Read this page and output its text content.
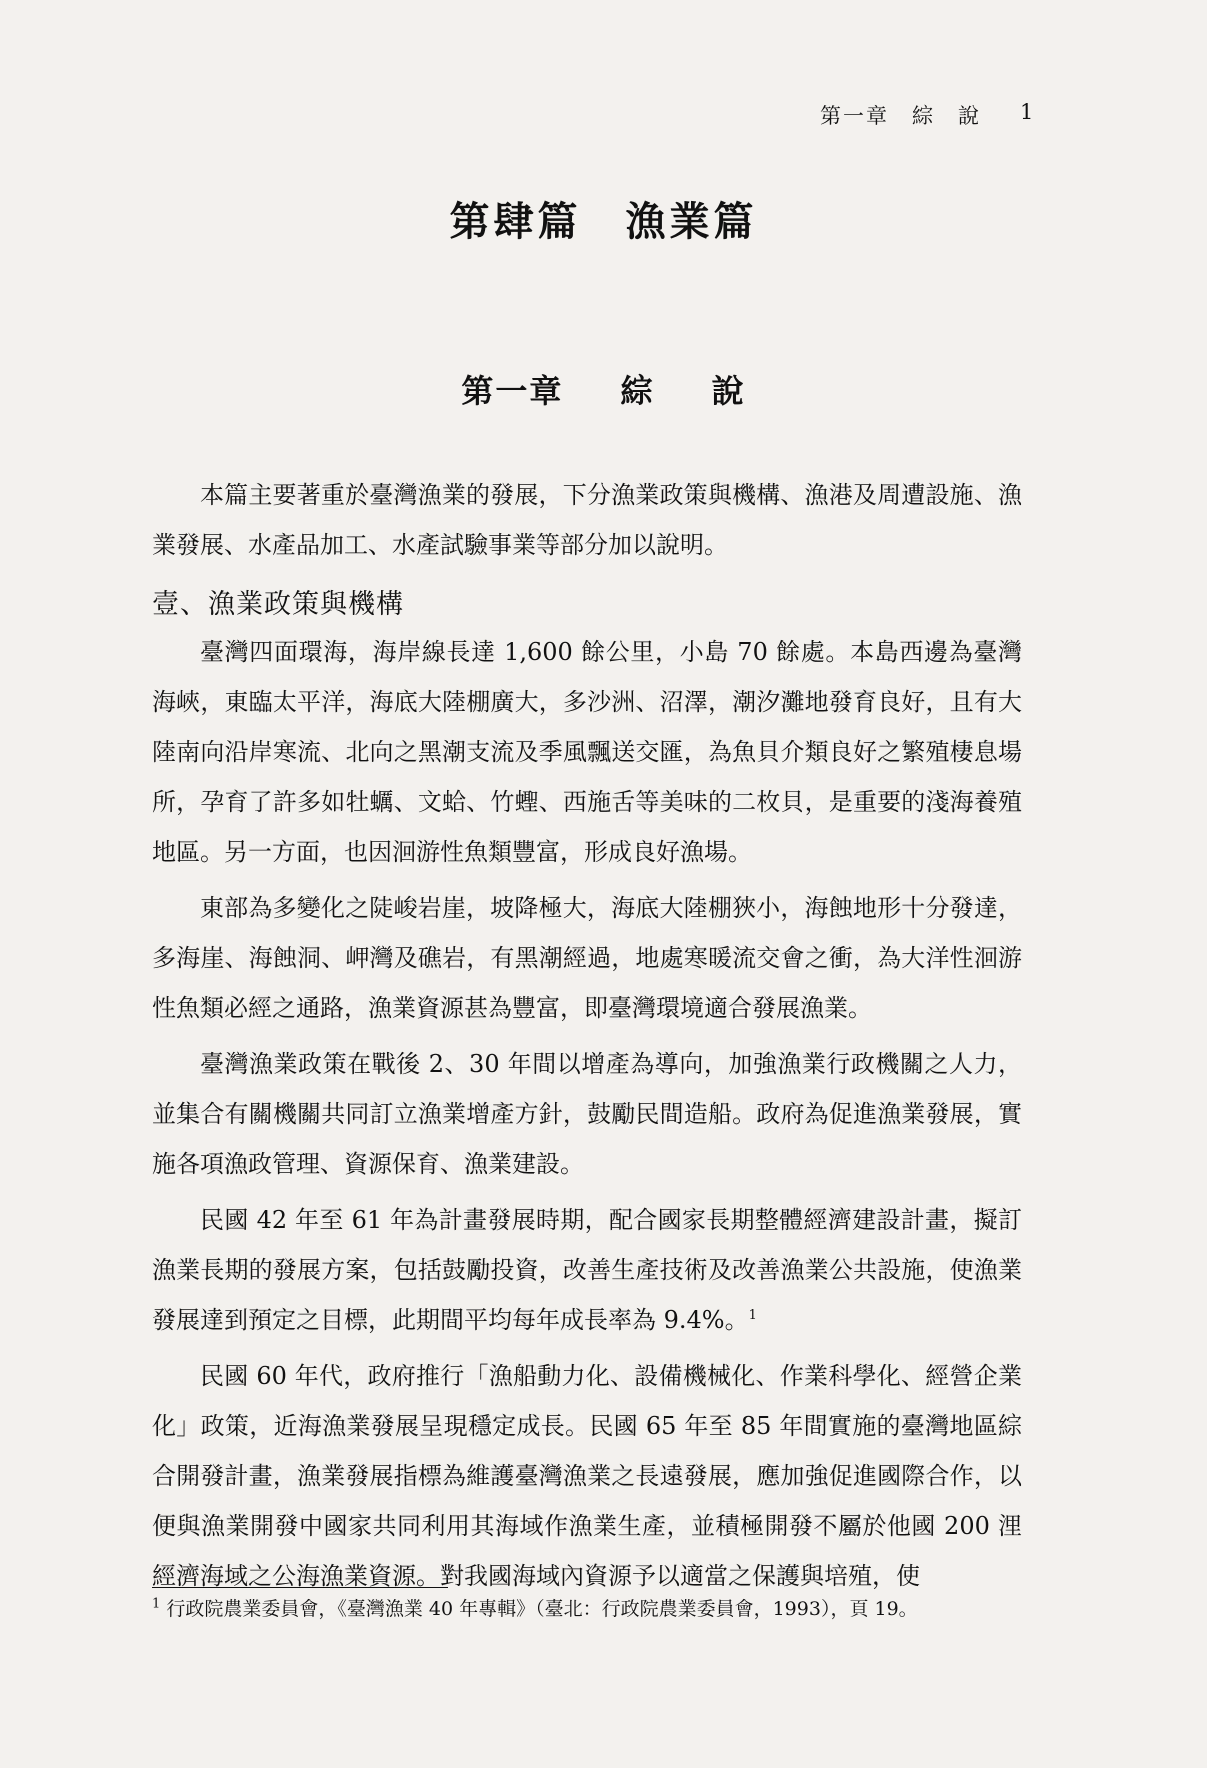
第一章　綜　說 1
第肆篇　漁業篇
第一章 綜 說

本篇主要著重於臺灣漁業的發展，下分漁業政策與機構、漁港及周遭設施、漁業發展、水產品加工、水產試驗事業等部分加以說明。

壹、漁業政策與機構

臺灣四面環海，海岸線長達 1,600 餘公里，小島 70 餘處。本島西邊為臺灣海峽，東臨太平洋，海底大陸棚廣大，多沙洲、沼澤，潮汐灘地發育良好，且有大陸南向沿岸寒流、北向之黑潮支流及季風飄送交匯，為魚貝介類良好之繁殖棲息場所，孕育了許多如牡蠣、文蛤、竹蟶、西施舌等美味的二枚貝，是重要的淺海養殖地區。另一方面，也因洄游性魚類豐富，形成良好漁場。

東部為多變化之陡峻岩崖，坡降極大，海底大陸棚狹小，海蝕地形十分發達，多海崖、海蝕洞、岬灣及礁岩，有黑潮經過，地處寒暖流交會之衝，為大洋性洄游性魚類必經之通路，漁業資源甚為豐富，即臺灣環境適合發展漁業。

臺灣漁業政策在戰後 2、30 年間以增產為導向，加強漁業行政機關之人力，並集合有關機關共同訂立漁業增產方針，鼓勵民間造船。政府為促進漁業發展，實施各項漁政管理、資源保育、漁業建設。

民國 42 年至 61 年為計畫發展時期，配合國家長期整體經濟建設計畫，擬訂漁業長期的發展方案，包括鼓勵投資，改善生產技術及改善漁業公共設施，使漁業發展達到預定之目標，此期間平均每年成長率為 9.4%。$^1$

民國 60 年代，政府推行「漁船動力化、設備機械化、作業科學化、經營企業化」政策，近海漁業發展呈現穩定成長。民國 65 年至 85 年間實施的臺灣地區綜合開發計畫，漁業發展指標為維護臺灣漁業之長遠發展，應加強促進國際合作，以便與漁業開發中國家共同利用其海域作漁業生產，並積極開發不屬於他國 200 浬經濟海域之公海漁業資源。對我國海域內資源予以適當之保護與培殖，使

$^1$ 行政院農業委員會，《臺灣漁業 40 年專輯》（臺北：行政院農業委員會，1993），頁 19。
